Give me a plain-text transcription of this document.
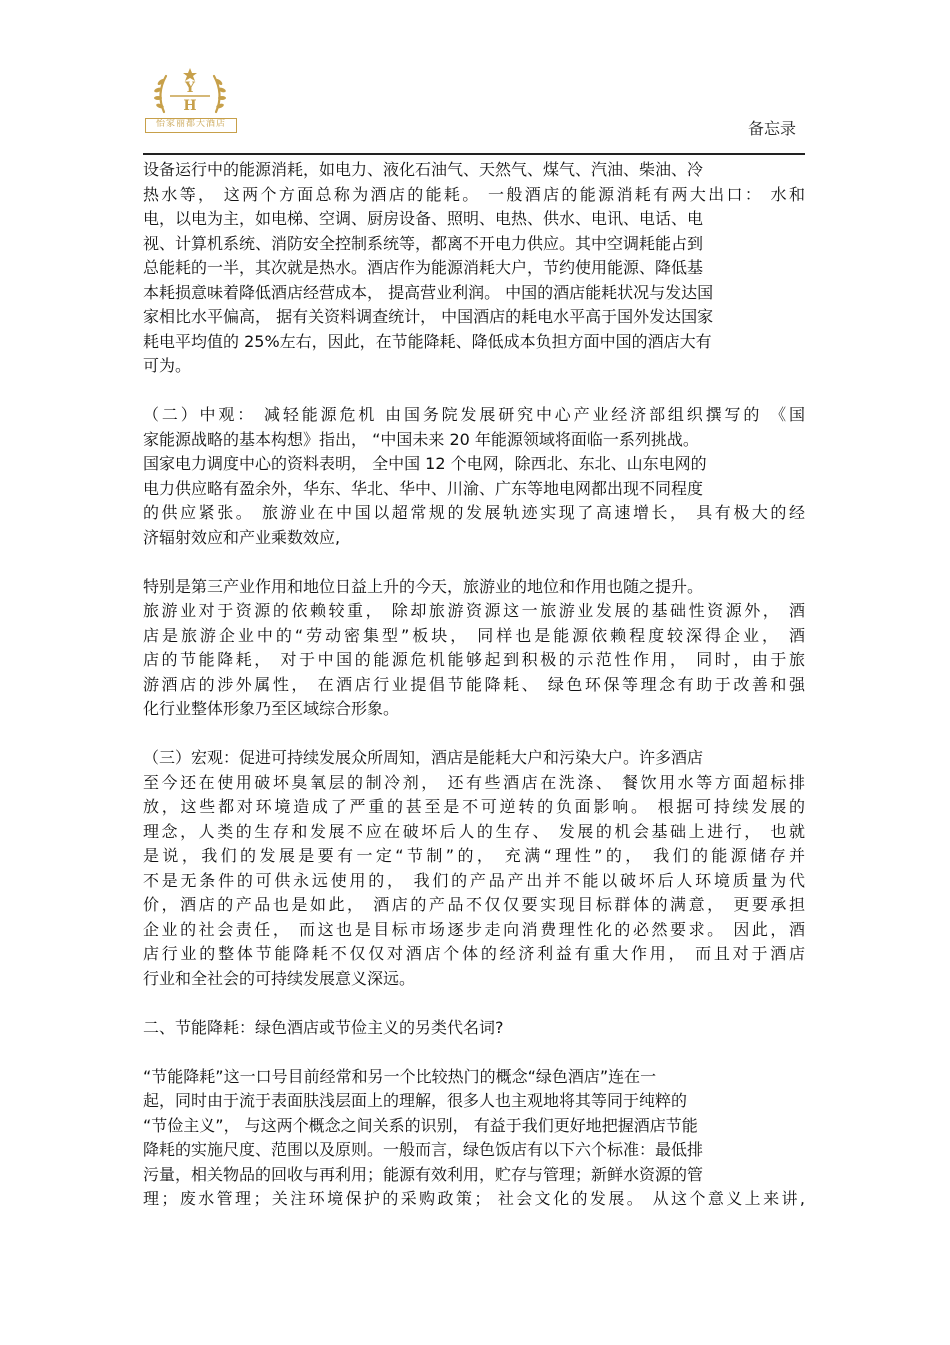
Y
H
怡家丽都大酒店	备忘录
设备运行中的能源消耗，如电力、液化石油气、天然气、煤气、汽油、柴油、冷
热水等， 这两个方面总称为酒店的能耗。 一般酒店的能源消耗有两大出口： 水和
电，以电为主，如电梯、空调、厨房设备、照明、电热、供水、电讯、电话、电
视、计算机系统、消防安全控制系统等，都离不开电力供应。其中空调耗能占到
总能耗的一半，其次就是热水。酒店作为能源消耗大户，节约使用能源、降低基
本耗损意味着降低酒店经营成本， 提高营业利润。 中国的酒店能耗状况与发达国
家相比水平偏高， 据有关资料调查统计， 中国酒店的耗电水平高于国外发达国家
耗电平均值的 25%左右，因此，在节能降耗、降低成本负担方面中国的酒店大有
可为。
（二）中观： 减轻能源危机 由国务院发展研究中心产业经济部组织撰写的 《国
家能源战略的基本构想》指出， “中国未来 20 年能源领域将面临一系列挑战。
国家电力调度中心的资料表明， 全中国 12 个电网，除西北、东北、山东电网的
电力供应略有盈余外，华东、华北、华中、川渝、广东等地电网都出现不同程度
的供应紧张。 旅游业在中国以超常规的发展轨迹实现了高速增长， 具有极大的经
济辐射效应和产业乘数效应,
特别是第三产业作用和地位日益上升的今天，旅游业的地位和作用也随之提升。
旅游业对于资源的依赖较重， 除却旅游资源这一旅游业发展的基础性资源外， 酒
店是旅游企业中的“劳动密集型”板块， 同样也是能源依赖程度较深得企业， 酒
店的节能降耗， 对于中国的能源危机能够起到积极的示范性作用， 同时，由于旅
游酒店的涉外属性， 在酒店行业提倡节能降耗、 绿色环保等理念有助于改善和强
化行业整体形象乃至区域综合形象。
（三）宏观：促进可持续发展众所周知，酒店是能耗大户和污染大户。许多酒店
至今还在使用破坏臭氧层的制冷剂， 还有些酒店在洗涤、 餐饮用水等方面超标排
放，这些都对环境造成了严重的甚至是不可逆转的负面影响。 根据可持续发展的
理念，人类的生存和发展不应在破坏后人的生存、 发展的机会基础上进行， 也就
是说，我们的发展是要有一定“节制”的， 充满“理性”的， 我们的能源储存并
不是无条件的可供永远使用的， 我们的产品产出并不能以破坏后人环境质量为代
价，酒店的产品也是如此， 酒店的产品不仅仅要实现目标群体的满意， 更要承担
企业的社会责任， 而这也是目标市场逐步走向消费理性化的必然要求。 因此，酒
店行业的整体节能降耗不仅仅对酒店个体的经济利益有重大作用， 而且对于酒店
行业和全社会的可持续发展意义深远。
二、节能降耗：绿色酒店或节俭主义的另类代名词?
“节能降耗”这一口号目前经常和另一个比较热门的概念“绿色酒店”连在一
起，同时由于流于表面肤浅层面上的理解，很多人也主观地将其等同于纯粹的
“节俭主义”， 与这两个概念之间关系的识别， 有益于我们更好地把握酒店节能
降耗的实施尺度、范围以及原则。一般而言，绿色饭店有以下六个标准：最低排
污量，相关物品的回收与再利用；能源有效利用，贮存与管理；新鲜水资源的管
理；废水管理；关注环境保护的采购政策； 社会文化的发展。 从这个意义上来讲,
